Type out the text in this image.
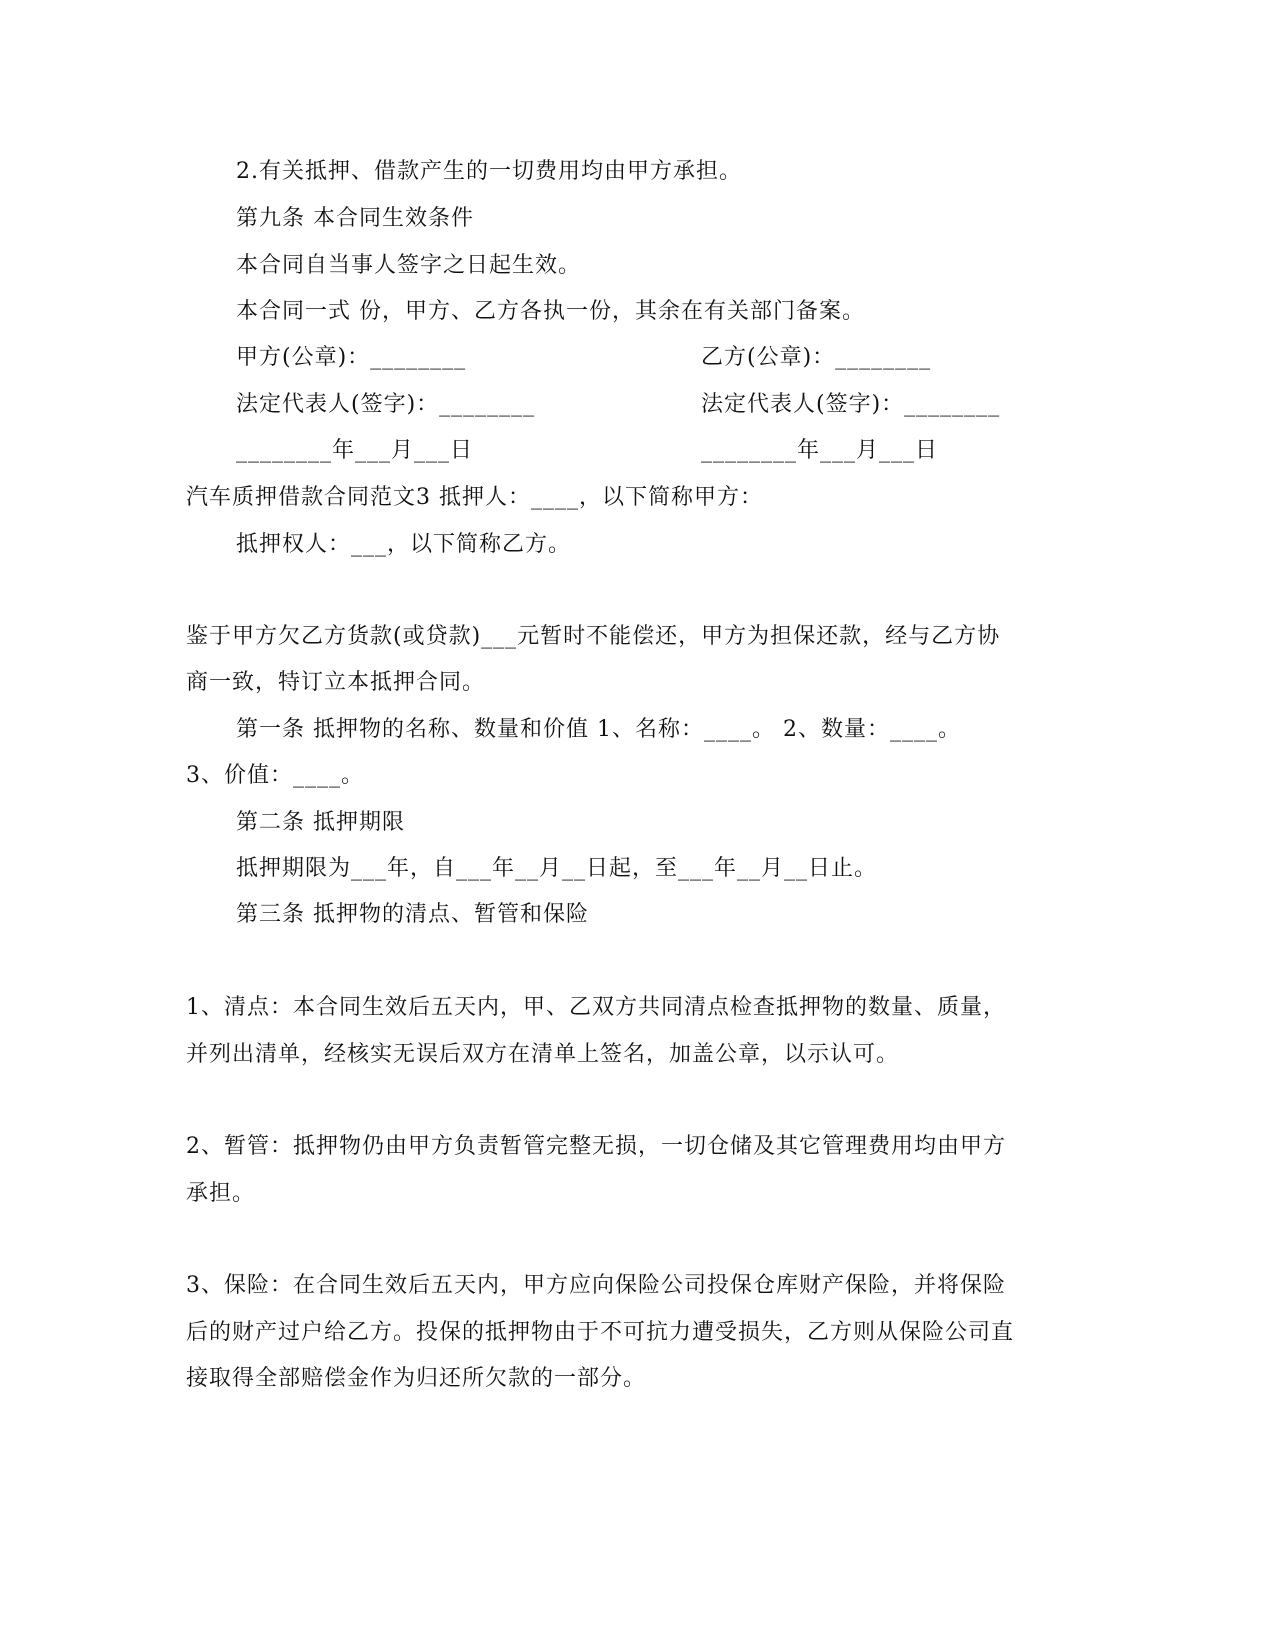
2.有关抵押、借款产生的一切费用均由甲方承担。
第九条 本合同生效条件
本合同自当事人签字之日起生效。
本合同一式 份，甲方、乙方各执一份，其余在有关部门备案。
甲方(公章)：________	乙方(公章)：________
法定代表人(签字)：________	法定代表人(签字)：________
________年___月___日	________年___月___日
汽车质押借款合同范文3 抵押人：____，以下简称甲方：
抵押权人：___，以下简称乙方。
鉴于甲方欠乙方货款(或贷款)___元暂时不能偿还，甲方为担保还款，经与乙方协
商一致，特订立本抵押合同。
第一条 抵押物的名称、数量和价值 1、名称：____。 2、数量：____。
3、价值：____。
第二条 抵押期限
抵押期限为___年，自___年__月__日起，至___年__月__日止。
第三条 抵押物的清点、暂管和保险
1、清点：本合同生效后五天内，甲、乙双方共同清点检查抵押物的数量、质量，
并列出清单，经核实无误后双方在清单上签名，加盖公章，以示认可。
2、暂管：抵押物仍由甲方负责暂管完整无损，一切仓储及其它管理费用均由甲方
承担。
3、保险：在合同生效后五天内，甲方应向保险公司投保仓库财产保险，并将保险
后的财产过户给乙方。投保的抵押物由于不可抗力遭受损失，乙方则从保险公司直
接取得全部赔偿金作为归还所欠款的一部分。
